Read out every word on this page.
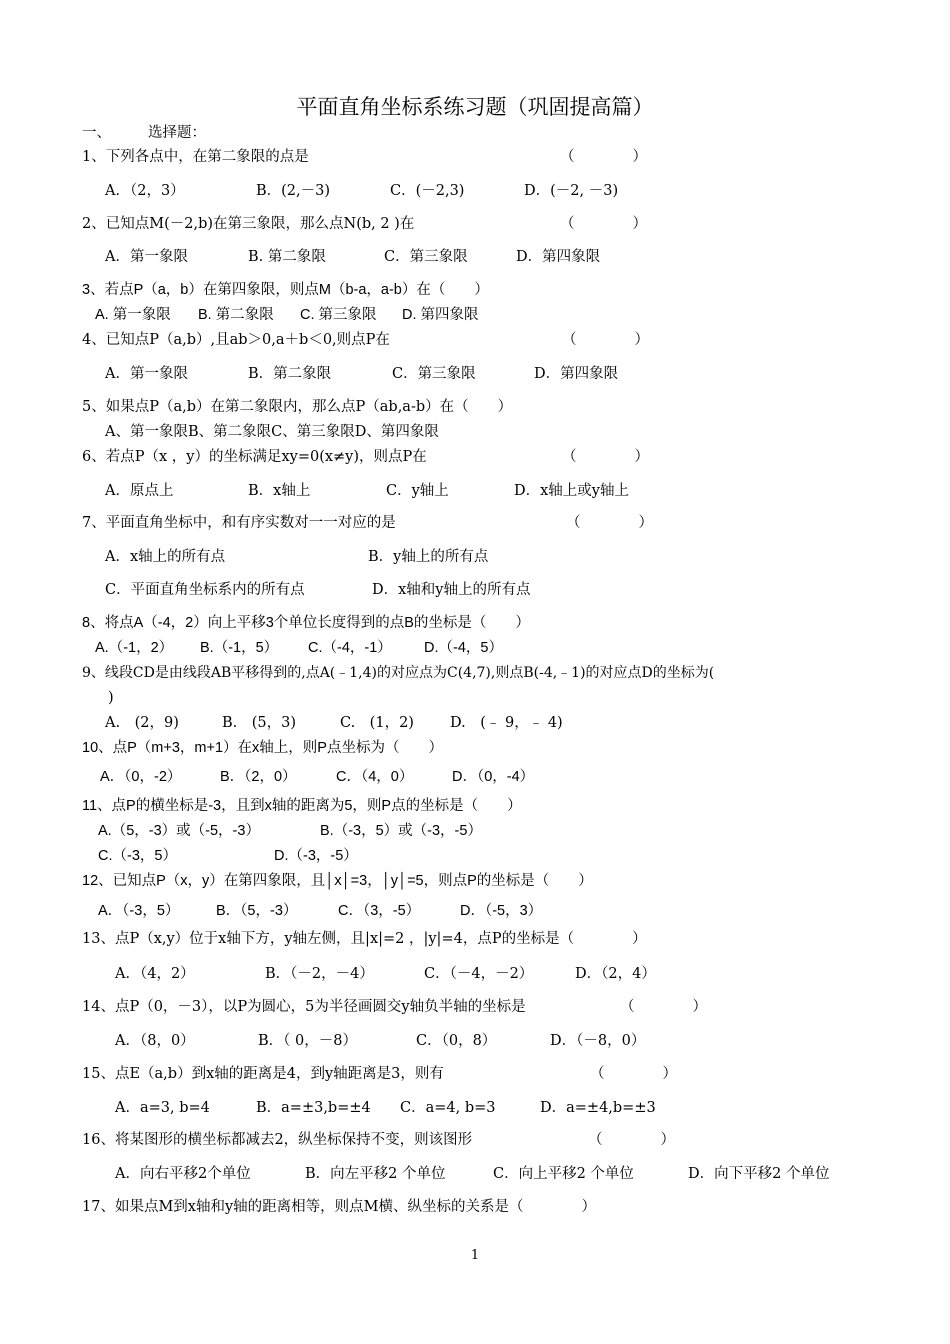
平面直角坐标系练习题（巩固提高篇）
一、	选择题：
1、下列各点中，在第二象限的点是	（　　　　）
A．（2，3）	B．(2,－3)	C．(－2,3)	D．(－2, －3)
2、已知点M(－2,b)在第三象限，那么点N(b, 2 )在	（　　　　）
A．第一象限	B. 第二象限	C．第三象限	D．第四象限
3、若点P（a，b）在第四象限，则点M（b-a，a-b）在（　　）
A. 第一象限 B. 第二象限 C. 第三象限 D. 第四象限
4、已知点P（a,b）,且ab＞0,a＋b＜0,则点P在	（　　　　）
A．第一象限	B．第二象限	C．第三象限	D．第四象限
5、如果点P（a,b）在第二象限内，那么点P（ab,a-b）在（　　）
A、第一象限B、第二象限C、第三象限D、第四象限
6、若点P（x ，y）的坐标满足xy=0(x≠y)，则点P在	（　　　　）
A．原点上	B．x轴上	C．y轴上	D．x轴上或y轴上
7、平面直角坐标中，和有序实数对一一对应的是	（　　　　）
A．x轴上的所有点	B．y轴上的所有点
C．平面直角坐标系内的所有点	D．x轴和y轴上的所有点
8、将点A（-4，2）向上平移3个单位长度得到的点B的坐标是（　　）
A.（-1，2） B.（-1，5） C.（-4，-1） D.（-4，5）
9、线段CD是由线段AB平移得到的,点A(﹣1,4)的对应点为C(4,7),则点B(-4,﹣1)的对应点D的坐标为(
)
A.　(2，9)	B.　(5，3)	C.　(1，2) D.　(﹣ 9，﹣ 4)
10、点P（m+3，m+1）在x轴上，则P点坐标为（　　）
A．（0，-2）	B．（2，0）	C．（4，0）	D．（0，-4）
11、点P的横坐标是-3，且到x轴的距离为5，则P点的坐标是（　　）
A.（5，-3）或（-5，-3）	B.（-3，5）或（-3，-5）
C.（-3，5）	D.（-3，-5）
12、已知点P（x，y）在第四象限，且│x│=3，│y│=5，则点P的坐标是（　　）
A．（-3，5）	B．（5，-3）	C．（3，-5）	D．（-5，3）
13、点P（x,y）位于x轴下方，y轴左侧，且|x|=2 ，|y|=4，点P的坐标是（　　　　）
A．（4，2）	B．（－2，－4）	C．（－4，－2）	D．（2，4）
14、点P（0，－3），以P为圆心，5为半径画圆交y轴负半轴的坐标是	（　　　　）
A．（8，0）	B．（ 0，－8）	C．（0，8）	D．（－8，0）
15、点E（a,b）到x轴的距离是4，到y轴距离是3，则有	（　　　　）
A．a=3, b=4	B．a=±3,b=±4 C．a=4, b=3	D．a=±4,b=±3
16、将某图形的横坐标都减去2，纵坐标保持不变，则该图形	（　　　　）
A．向右平移2个单位	B．向左平移2 个单位	C．向上平移2 个单位	D．向下平移2 个单位
17、如果点M到x轴和y轴的距离相等，则点M横、纵坐标的关系是（　　　　）
1
